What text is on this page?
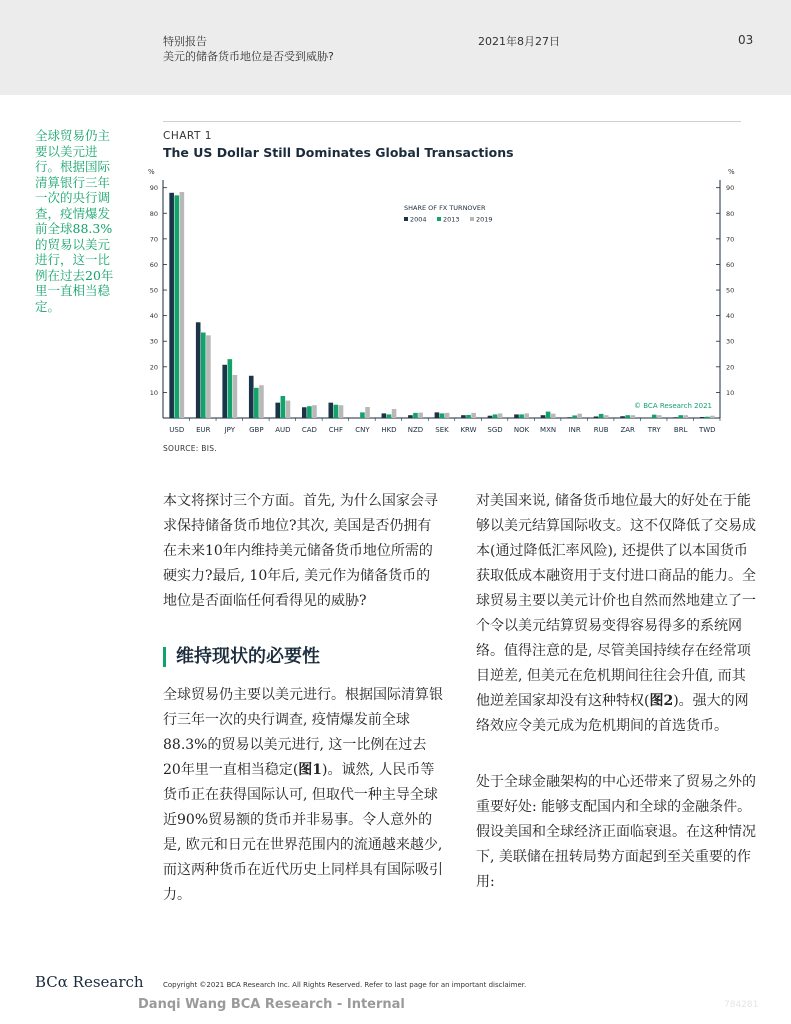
特别报告
美元的储备货币地位是否受到威胁?
2021年8月27日	03
全球贸易仍主要以美元进行。根据国际清算银行三年一次的央行调查，疫情爆发前全球88.3%的贸易以美元进行，这一比例在过去20年里一直相当稳定。
CHART 1
The US Dollar Still Dominates Global Transactions
%	%
10	10
20	20
30	30
40	40
50	50
60	60
70	70
80	80
90	90
USD EUR JPY GBP AUD CAD CHF CNY HKD NZD SEK KRW SGD NOK MXN INR RUB ZAR TRY BRL TWD
SHARE OF FX TURNOVER
2004	2013	2019
© BCA Research 2021
SOURCE: BIS.

本文将探讨三个方面。首先, 为什么国家会寻求保持储备货币地位?其次, 美国是否仍拥有在未来10年内维持美元储备货币地位所需的硬实力?最后, 10年后, 美元作为储备货币的地位是否面临任何看得见的威胁?

维持现状的必要性

全球贸易仍主要以美元进行。根据国际清算银行三年一次的央行调查, 疫情爆发前全球88.3%的贸易以美元进行, 这一比例在过去20年里一直相当稳定(图1)。诚然, 人民币等货币正在获得国际认可, 但取代一种主导全球近90%贸易额的货币并非易事。令人意外的是, 欧元和日元在世界范围内的流通越来越少, 而这两种货币在近代历史上同样具有国际吸引力。

对美国来说, 储备货币地位最大的好处在于能够以美元结算国际收支。这不仅降低了交易成本(通过降低汇率风险), 还提供了以本国货币获取低成本融资用于支付进口商品的能力。全球贸易主要以美元计价也自然而然地建立了一个令以美元结算贸易变得容易得多的系统网络。值得注意的是, 尽管美国持续存在经常项目逆差, 但美元在危机期间往往会升值, 而其他逆差国家却没有这种特权(图2)。强大的网络效应令美元成为危机期间的首选货币。

处于全球金融架构的中心还带来了贸易之外的重要好处: 能够支配国内和全球的金融条件。假设美国和全球经济正面临衰退。在这种情况下, 美联储在扭转局势方面起到至关重要的作用:

BCα Research	Copyright ©2021 BCA Research Inc. All Rights Reserved. Refer to last page for an important disclaimer.
Danqi Wang BCA Research - Internal	784281
